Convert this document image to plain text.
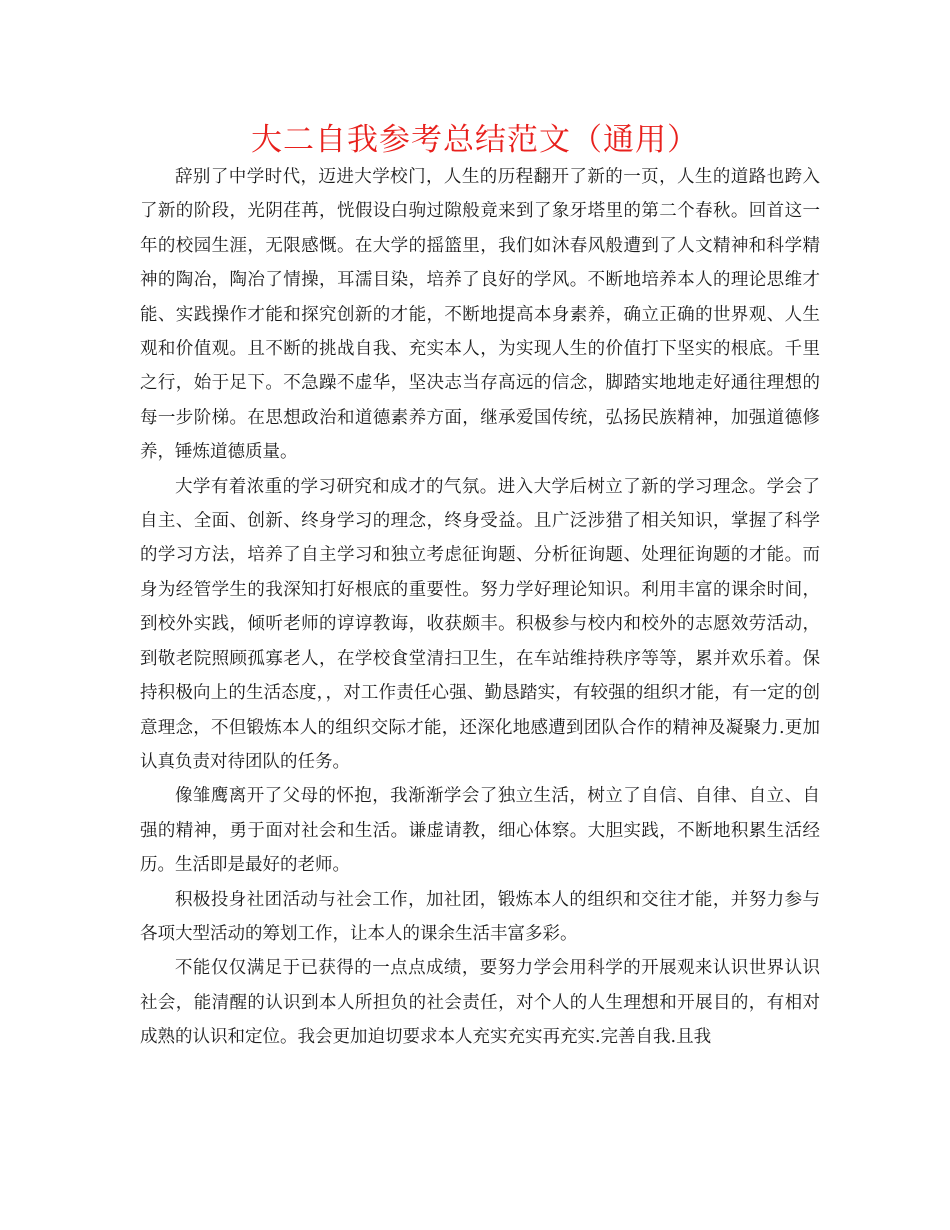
大二自我参考总结范文（通用）

辞别了中学时代，迈进大学校门，人生的历程翻开了新的一页，人生的道路也跨入了新的阶段，光阴荏苒，恍假设白驹过隙般竟来到了象牙塔里的第二个春秋。回首这一年的校园生涯，无限感慨。在大学的摇篮里，我们如沐春风般遭到了人文精神和科学精神的陶冶，陶冶了情操，耳濡目染，培养了良好的学风。不断地培养本人的理论思维才能、实践操作才能和探究创新的才能，不断地提高本身素养，确立正确的世界观、人生观和价值观。且不断的挑战自我、充实本人，为实现人生的价值打下坚实的根底。千里之行，始于足下。不急躁不虚华，坚决志当存高远的信念，脚踏实地地走好通往理想的每一步阶梯。在思想政治和道德素养方面，继承爱国传统，弘扬民族精神，加强道德修养，锤炼道德质量。

大学有着浓重的学习研究和成才的气氛。进入大学后树立了新的学习理念。学会了自主、全面、创新、终身学习的理念，终身受益。且广泛涉猎了相关知识，掌握了科学的学习方法，培养了自主学习和独立考虑征询题、分析征询题、处理征询题的才能。而身为经管学生的我深知打好根底的重要性。努力学好理论知识。利用丰富的课余时间，到校外实践，倾听老师的谆谆教诲，收获颇丰。积极参与校内和校外的志愿效劳活动，到敬老院照顾孤寡老人，在学校食堂清扫卫生，在车站维持秩序等等，累并欢乐着。保持积极向上的生活态度，，对工作责任心强、勤恳踏实，有较强的组织才能，有一定的创意理念，不但锻炼本人的组织交际才能，还深化地感遭到团队合作的精神及凝聚力.更加认真负责对待团队的任务。

像雏鹰离开了父母的怀抱，我渐渐学会了独立生活，树立了自信、自律、自立、自强的精神，勇于面对社会和生活。谦虚请教，细心体察。大胆实践，不断地积累生活经历。生活即是最好的老师。

积极投身社团活动与社会工作，加社团，锻炼本人的组织和交往才能，并努力参与各项大型活动的筹划工作，让本人的课余生活丰富多彩。

不能仅仅满足于已获得的一点点成绩，要努力学会用科学的开展观来认识世界认识社会，能清醒的认识到本人所担负的社会责任，对个人的人生理想和开展目的，有相对成熟的认识和定位。我会更加迫切要求本人充实充实再充实.完善自我.且我
